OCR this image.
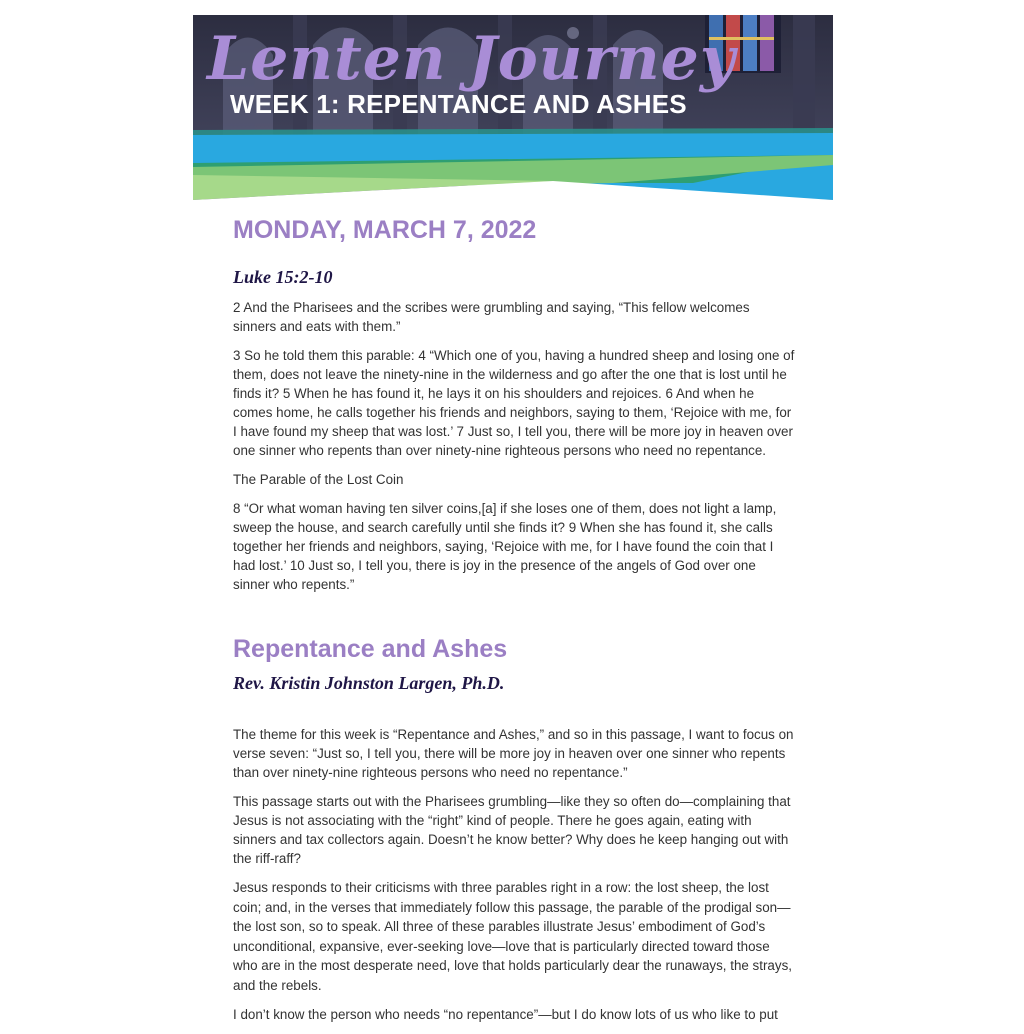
Lenten Journey
WEEK 1: REPENTANCE AND ASHES
MONDAY, MARCH 7, 2022
Luke 15:2-10

2 And the Pharisees and the scribes were grumbling and saying, “This fellow welcomes sinners and eats with them.”

3 So he told them this parable: 4 “Which one of you, having a hundred sheep and losing one of them, does not leave the ninety-nine in the wilderness and go after the one that is lost until he finds it? 5 When he has found it, he lays it on his shoulders and rejoices. 6 And when he comes home, he calls together his friends and neighbors, saying to them, ‘Rejoice with me, for I have found my sheep that was lost.’ 7 Just so, I tell you, there will be more joy in heaven over one sinner who repents than over ninety-nine righteous persons who need no repentance.

The Parable of the Lost Coin

8 “Or what woman having ten silver coins,[a] if she loses one of them, does not light a lamp, sweep the house, and search carefully until she finds it? 9 When she has found it, she calls together her friends and neighbors, saying, ‘Rejoice with me, for I have found the coin that I had lost.’ 10 Just so, I tell you, there is joy in the presence of the angels of God over one sinner who repents.”

Repentance and Ashes
Rev. Kristin Johnston Largen, Ph.D.

The theme for this week is “Repentance and Ashes,” and so in this passage, I want to focus on verse seven: “Just so, I tell you, there will be more joy in heaven over one sinner who repents than over ninety-nine righteous persons who need no repentance.”

This passage starts out with the Pharisees grumbling—like they so often do—complaining that Jesus is not associating with the “right” kind of people. There he goes again, eating with sinners and tax collectors again. Doesn’t he know better? Why does he keep hanging out with the riff-raff?

Jesus responds to their criticisms with three parables right in a row: the lost sheep, the lost coin; and, in the verses that immediately follow this passage, the parable of the prodigal son—the lost son, so to speak. All three of these parables illustrate Jesus’ embodiment of God’s unconditional, expansive, ever-seeking love—love that is particularly directed toward those who are in the most desperate need, love that holds particularly dear the runaways, the strays, and the rebels.

I don’t know the person who needs “no repentance”—but I do know lots of us who like to put
